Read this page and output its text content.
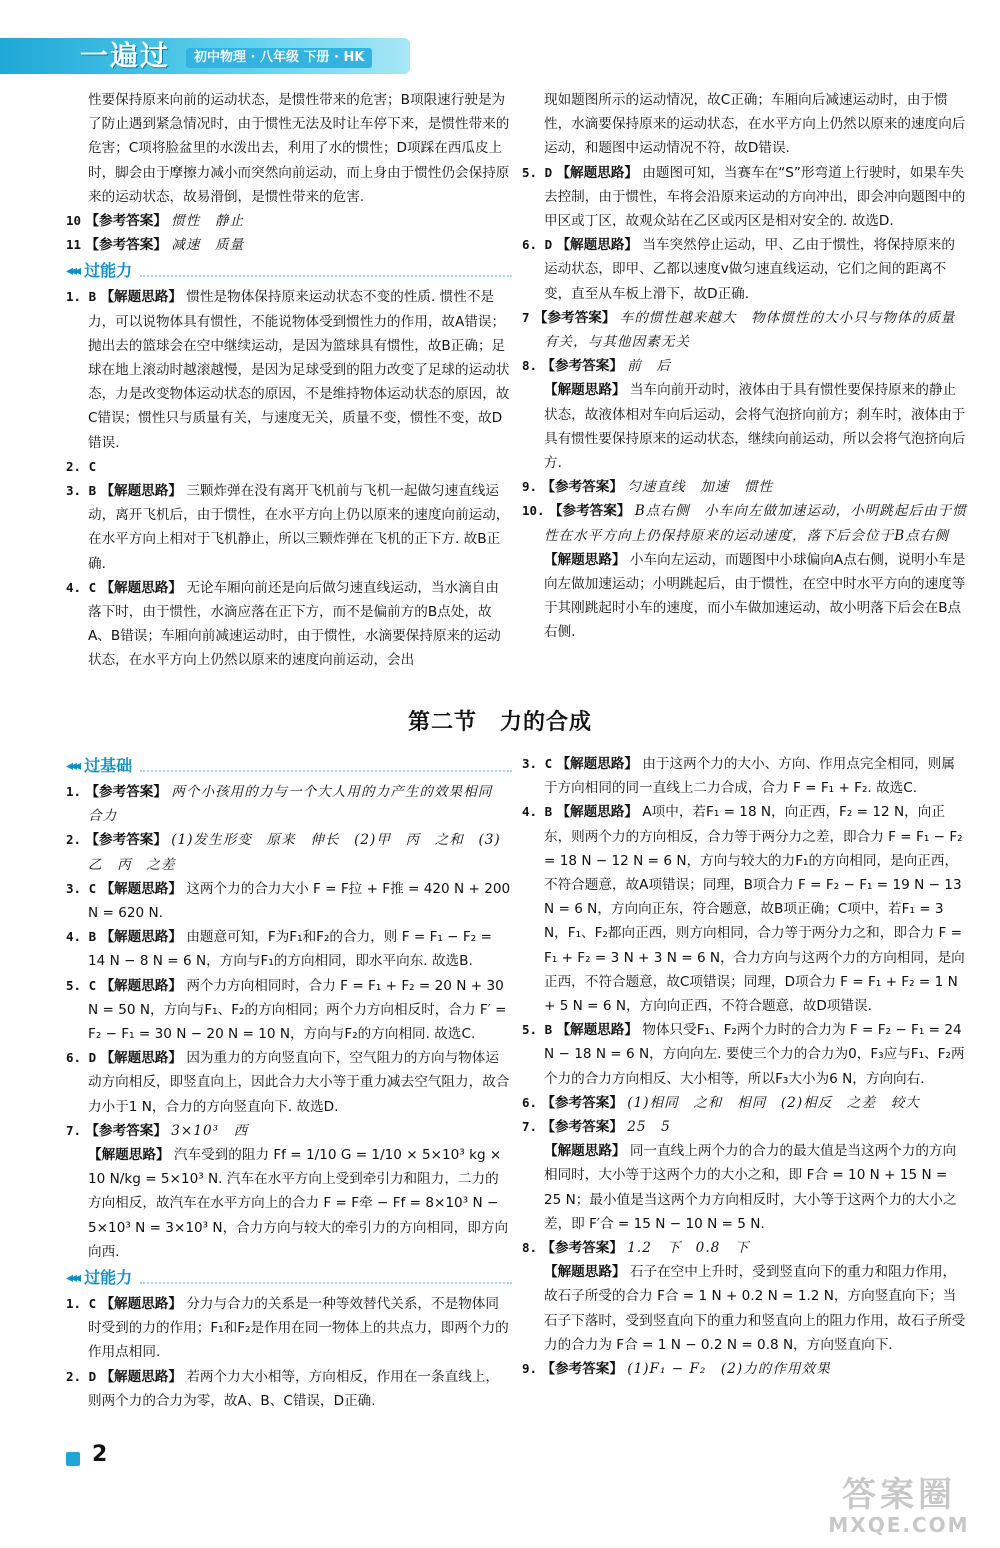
一遍过	初中物理 · 八年级 下册 · HK

性要保持原来向前的运动状态，是惯性带来的危害；B项限速行驶是为了防止遇到紧急情况时，由于惯性无法及时让车停下来，是惯性带来的危害；C项将脸盆里的水泼出去，利用了水的惯性；D项踩在西瓜皮上时，脚会由于摩擦力减小而突然向前运动，而上身由于惯性仍会保持原来的运动状态，故易滑倒，是惯性带来的危害.

10 【参考答案】 惯性　静止

11 【参考答案】 减速　质量

◂◂◂ 过能力

1. B 【解题思路】 惯性是物体保持原来运动状态不变的性质. 惯性不是力，可以说物体具有惯性，不能说物体受到惯性力的作用，故A错误；抛出去的篮球会在空中继续运动，是因为篮球具有惯性，故B正确；足球在地上滚动时越滚越慢，是因为足球受到的阻力改变了足球的运动状态，力是改变物体运动状态的原因，不是维持物体运动状态的原因，故C错误；惯性只与质量有关，与速度无关，质量不变，惯性不变，故D错误.

2. C

3. B 【解题思路】 三颗炸弹在没有离开飞机前与飞机一起做匀速直线运动，离开飞机后，由于惯性，在水平方向上仍以原来的速度向前运动，在水平方向上相对于飞机静止，所以三颗炸弹在飞机的正下方. 故B正确.

4. C 【解题思路】 无论车厢向前还是向后做匀速直线运动，当水滴自由落下时，由于惯性，水滴应落在正下方，而不是偏前方的B点处，故A、B错误；车厢向前减速运动时，由于惯性，水滴要保持原来的运动状态，在水平方向上仍然以原来的速度向前运动，会出

现如题图所示的运动情况，故C正确；车厢向后减速运动时，由于惯性，水滴要保持原来的运动状态，在水平方向上仍然以原来的速度向后运动，和题图中运动情况不符，故D错误.

5. D 【解题思路】 由题图可知，当赛车在“S”形弯道上行驶时，如果车失去控制，由于惯性，车将会沿原来运动的方向冲出，即会冲向题图中的甲区或丁区，故观众站在乙区或丙区是相对安全的. 故选D.

6. D 【解题思路】 当车突然停止运动，甲、乙由于惯性，将保持原来的运动状态，即甲、乙都以速度v做匀速直线运动，它们之间的距离不变，直至从车板上滑下，故D正确.

7 【参考答案】 车的惯性越来越大　物体惯性的大小只与物体的质量有关，与其他因素无关

8. 【参考答案】 前　后

【解题思路】 当车向前开动时，液体由于具有惯性要保持原来的静止状态，故液体相对车向后运动，会将气泡挤向前方；刹车时，液体由于具有惯性要保持原来的运动状态，继续向前运动，所以会将气泡挤向后方.

9. 【参考答案】 匀速直线　加速　惯性

10. 【参考答案】 B点右侧　小车向左做加速运动，小明跳起后由于惯性在水平方向上仍保持原来的运动速度，落下后会位于B点右侧

【解题思路】 小车向左运动，而题图中小球偏向A点右侧，说明小车是向左做加速运动；小明跳起后，由于惯性，在空中时水平方向的速度等于其刚跳起时小车的速度，而小车做加速运动，故小明落下后会在B点右侧.

第二节　力的合成
◂◂◂ 过基础

1. 【参考答案】 两个小孩用的力与一个大人用的力产生的效果相同　合力

2. 【参考答案】 (1)发生形变　原来　伸长　(2)甲　丙　之和　(3)乙　丙　之差

3. C 【解题思路】 这两个力的合力大小 F = F拉 + F推 = 420 N + 200 N = 620 N.

4. B 【解题思路】 由题意可知，F为F₁和F₂的合力，则 F = F₁ − F₂ = 14 N − 8 N = 6 N，方向与F₁的方向相同，即水平向东. 故选B.

5. C 【解题思路】 两个力方向相同时，合力 F = F₁ + F₂ = 20 N + 30 N = 50 N，方向与F₁、F₂的方向相同；两个力方向相反时，合力 F′ = F₂ − F₁ = 30 N − 20 N = 10 N，方向与F₂的方向相同. 故选C.

6. D 【解题思路】 因为重力的方向竖直向下，空气阻力的方向与物体运动方向相反，即竖直向上，因此合力大小等于重力减去空气阻力，故合力小于1 N，合力的方向竖直向下. 故选D.

7. 【参考答案】 3×10³　西

【解题思路】 汽车受到的阻力 Ff = 1/10 G = 1/10 × 5×10³ kg × 10 N/kg = 5×10³ N. 汽车在水平方向上受到牵引力和阻力，二力的方向相反，故汽车在水平方向上的合力 F = F牵 − Ff = 8×10³ N − 5×10³ N = 3×10³ N，合力方向与较大的牵引力的方向相同，即方向向西.

◂◂◂ 过能力

1. C 【解题思路】 分力与合力的关系是一种等效替代关系，不是物体同时受到的力的作用；F₁和F₂是作用在同一物体上的共点力，即两个力的作用点相同.

2. D 【解题思路】 若两个力大小相等，方向相反，作用在一条直线上，则两个力的合力为零，故A、B、C错误，D正确.

3. C 【解题思路】 由于这两个力的大小、方向、作用点完全相同，则属于方向相同的同一直线上二力合成，合力 F = F₁ + F₂. 故选C.

4. B 【解题思路】 A项中，若F₁ = 18 N，向正西，F₂ = 12 N，向正东，则两个力的方向相反，合力等于两分力之差，即合力 F = F₁ − F₂ = 18 N − 12 N = 6 N，方向与较大的力F₁的方向相同，是向正西，不符合题意，故A项错误；同理，B项合力 F = F₂ − F₁ = 19 N − 13 N = 6 N，方向向正东，符合题意，故B项正确；C项中，若F₁ = 3 N，F₁、F₂都向正西，则方向相同，合力等于两分力之和，即合力 F = F₁ + F₂ = 3 N + 3 N = 6 N，合力方向与这两个力的方向相同，是向正西，不符合题意，故C项错误；同理，D项合力 F = F₁ + F₂ = 1 N + 5 N = 6 N，方向向正西，不符合题意，故D项错误.

5. B 【解题思路】 物体只受F₁、F₂两个力时的合力为 F = F₂ − F₁ = 24 N − 18 N = 6 N，方向向左. 要使三个力的合力为0，F₃应与F₁、F₂两个力的合力方向相反、大小相等，所以F₃大小为6 N，方向向右.

6. 【参考答案】 (1)相同　之和　相同　(2)相反　之差　较大

7. 【参考答案】 25　5

【解题思路】 同一直线上两个力的合力的最大值是当这两个力的方向相同时，大小等于这两个力的大小之和，即 F合 = 10 N + 15 N = 25 N；最小值是当这两个力方向相反时，大小等于这两个力的大小之差，即 F′合 = 15 N − 10 N = 5 N.

8. 【参考答案】 1.2　下　0.8　下

【解题思路】 石子在空中上升时，受到竖直向下的重力和阻力作用，故石子所受的合力 F合 = 1 N + 0.2 N = 1.2 N，方向竖直向下；当石子下落时，受到竖直向下的重力和竖直向上的阻力作用，故石子所受力的合力为 F合 = 1 N − 0.2 N = 0.8 N，方向竖直向下.

9. 【参考答案】 (1)F₁ − F₂　(2)力的作用效果

2
答案圈
MXQE.COM
